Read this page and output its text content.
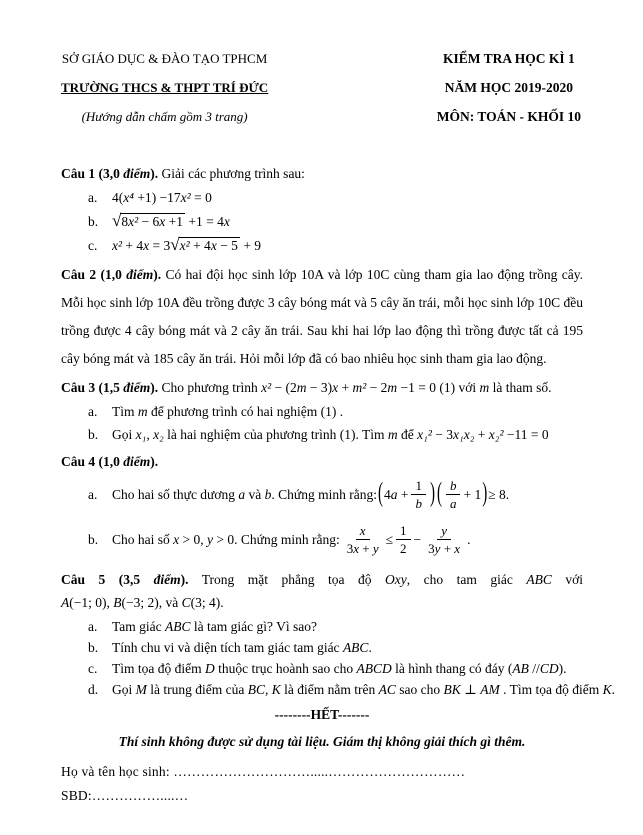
SỞ GIÁO DỤC & ĐÀO TẠO TPHCM
TRƯỜNG THCS & THPT TRÍ ĐỨC
(Hướng dẫn chấm gồm 3 trang)
KIỂM TRA HỌC KÌ 1
NĂM HỌC 2019-2020
MÔN: TOÁN - KHỐI 10
Câu 1 (3,0 điểm). Giải các phương trình sau:
a.	4(x⁴ +1) −17x² = 0
b. √ 8x² − 6x +1 +1 = 4x
c.	x² + 4x = 3 √ x² + 4x − 5 + 9

Câu 2 (1,0 điểm). Có hai đội học sinh lớp 10A và lớp 10C cùng tham gia lao động trồng cây. Mỗi học sinh lớp 10A đều trồng được 3 cây bóng mát và 5 cây ăn trái, mỗi học sinh lớp 10C đều trồng được 4 cây bóng mát và 2 cây ăn trái. Sau khi hai lớp lao động thì trồng được tất cả 195 cây bóng mát và 185 cây ăn trái. Hỏi mỗi lớp đã có bao nhiêu học sinh tham gia lao động.

Câu 3 (1,5 điểm). Cho phương trình x² − (2m − 3)x + m² − 2m −1 = 0 (1) với m là tham số.
a.	Tìm m để phương trình có hai nghiệm (1) .
b.	Gọi x₁, x₂ là hai nghiệm của phương trình (1). Tìm m để x₁² − 3x₁x₂ + x₂² −11 = 0
Câu 4 (1,0 điểm).
a.	Cho hai số thực dương a và b. Chứng minh rằng: ( $4a + \frac{1}{b}$ ) ( $\frac{b}{a} + 1$ ) ≥ 8.
b.	Cho hai số x > 0, y > 0. Chứng minh rằng: $\frac{x}{3x + y} \le \frac{1}{2} - \frac{y}{3y + x}$ .
Câu 5 (3,5 điểm). Trong mặt phẳng tọa độ Oxy, cho tam giác ABC với
A(−1; 0), B(−3; 2), và C(3; 4).
a.	Tam giác ABC là tam giác gì? Vì sao?
b.	Tính chu vi và diện tích tam giác tam giác ABC.
c.	Tìm tọa độ điểm D thuộc trục hoành sao cho ABCD là hình thang có đáy (AB //CD).
d.	Gọi M là trung điểm của BC, K là điểm nằm trên AC sao cho BK ⊥ AM . Tìm tọa độ điểm K.
--------HẾT-------
Thí sinh không được sử dụng tài liệu. Giám thị không giải thích gì thêm.
Họ và tên học sinh: ………………………….....………………………… SBD:……………....…
